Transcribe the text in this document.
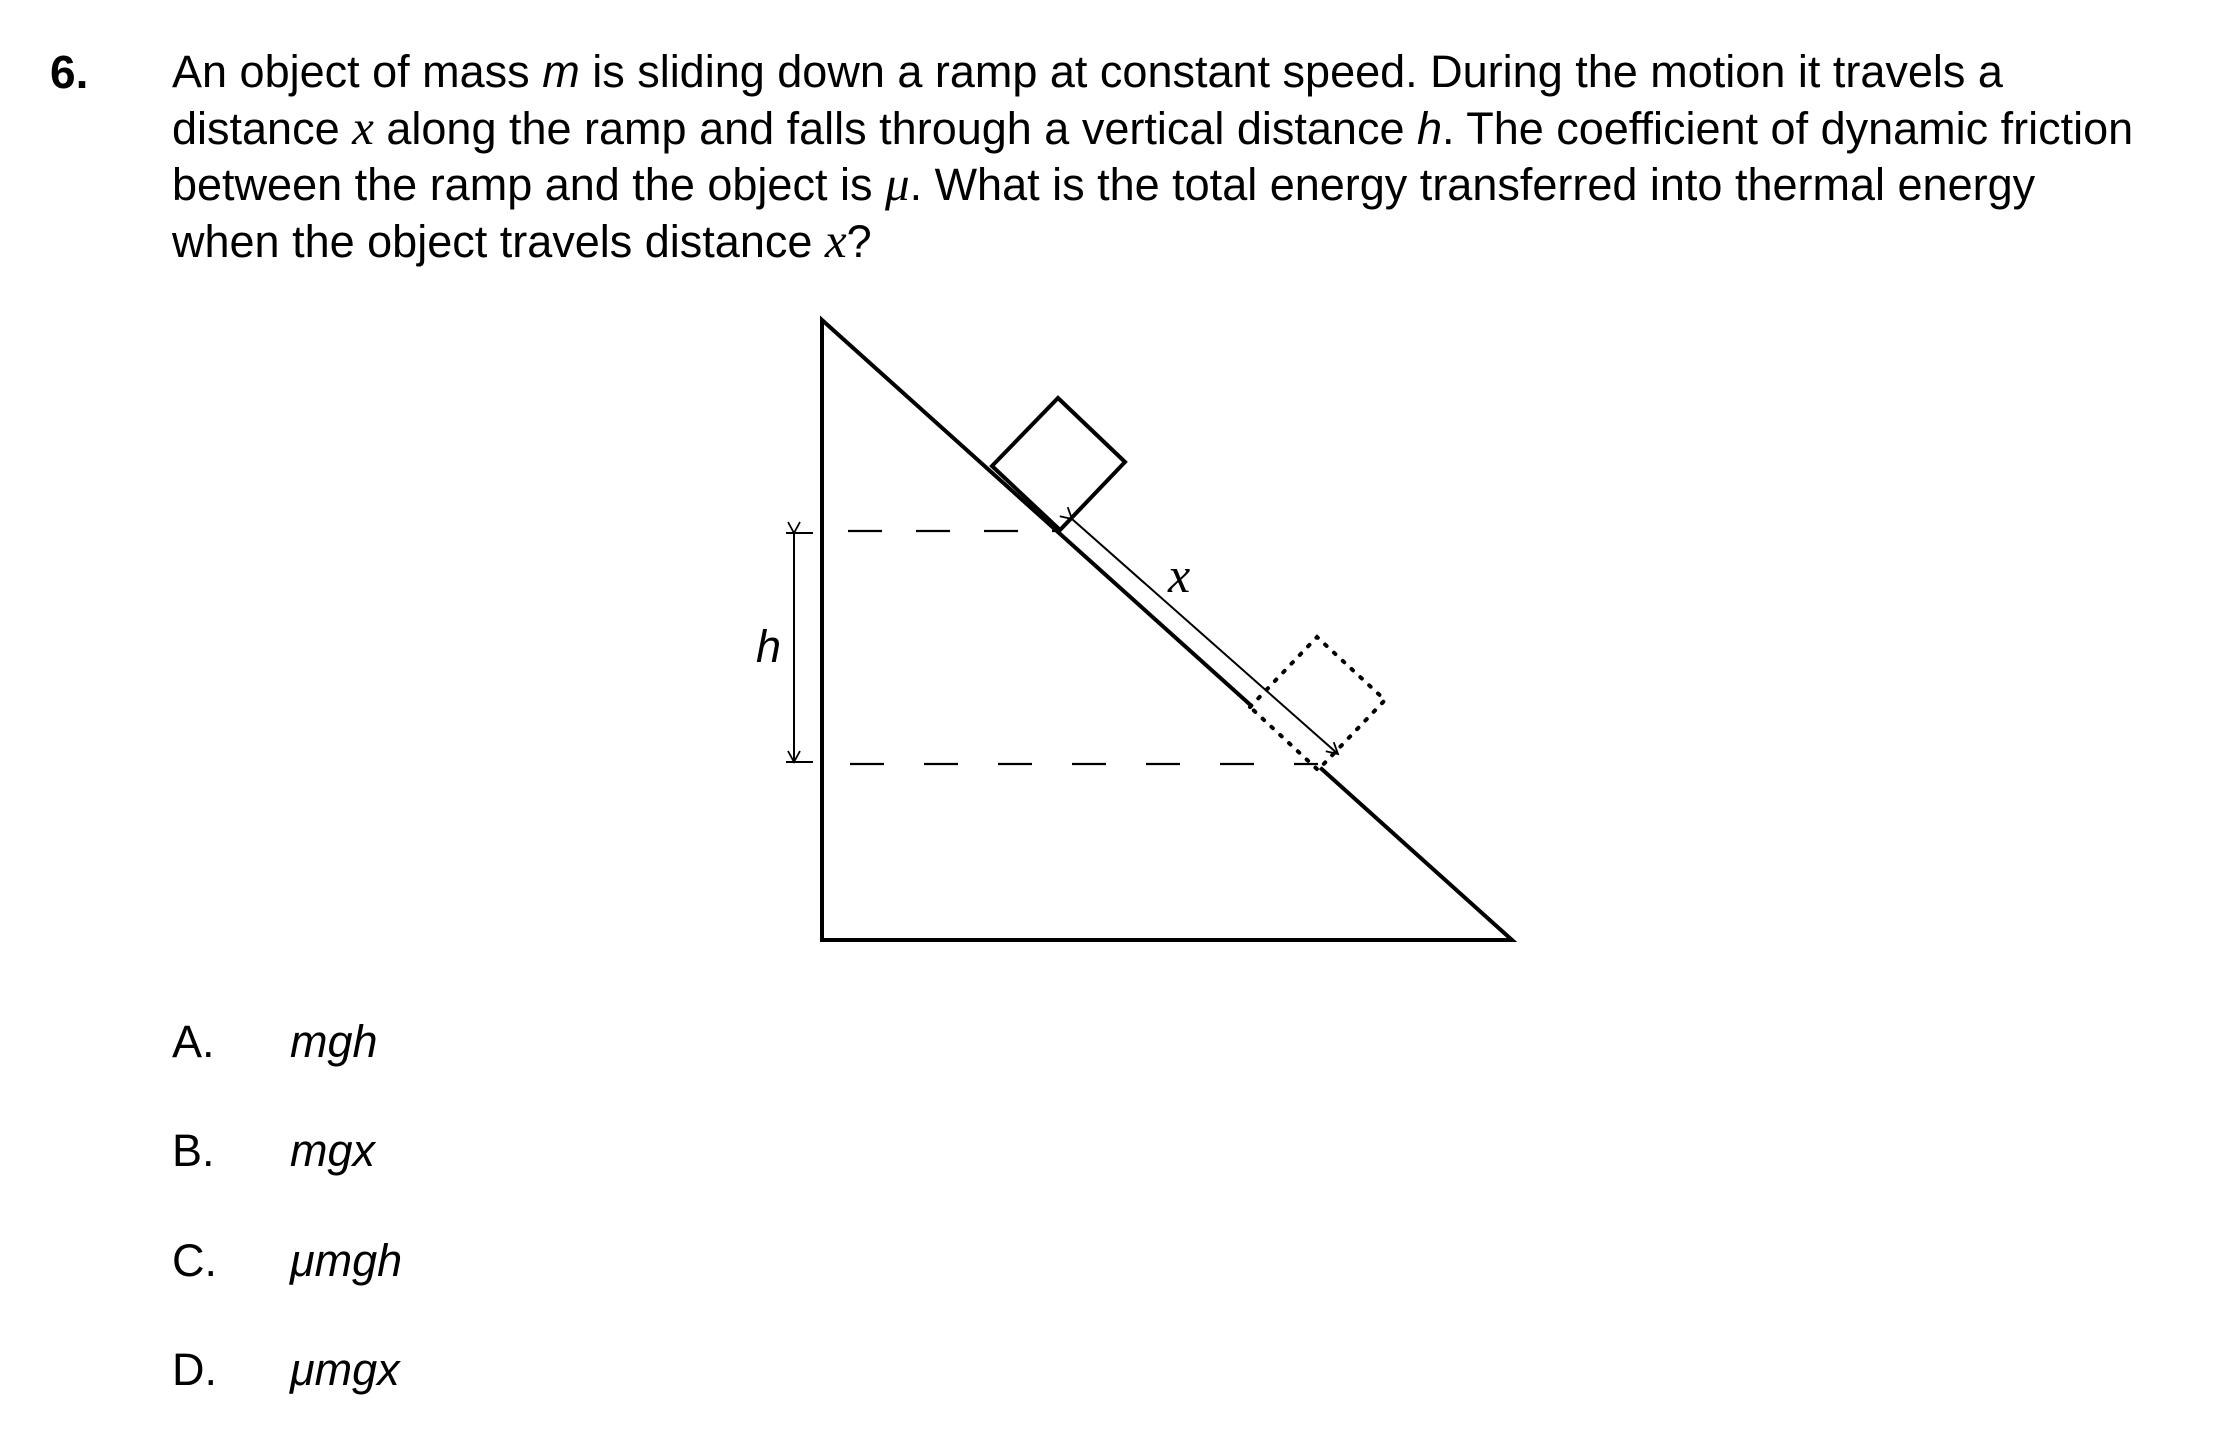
6. An object of mass m is sliding down a ramp at constant speed. During the motion it travels a
distance x along the ramp and falls through a vertical distance h. The coefficient of dynamic friction
between the ramp and the object is μ. What is the total energy transferred into thermal energy
when the object travels distance x?
h
x
A. mgh
B. mgx
C. μmgh
D. μmgx
